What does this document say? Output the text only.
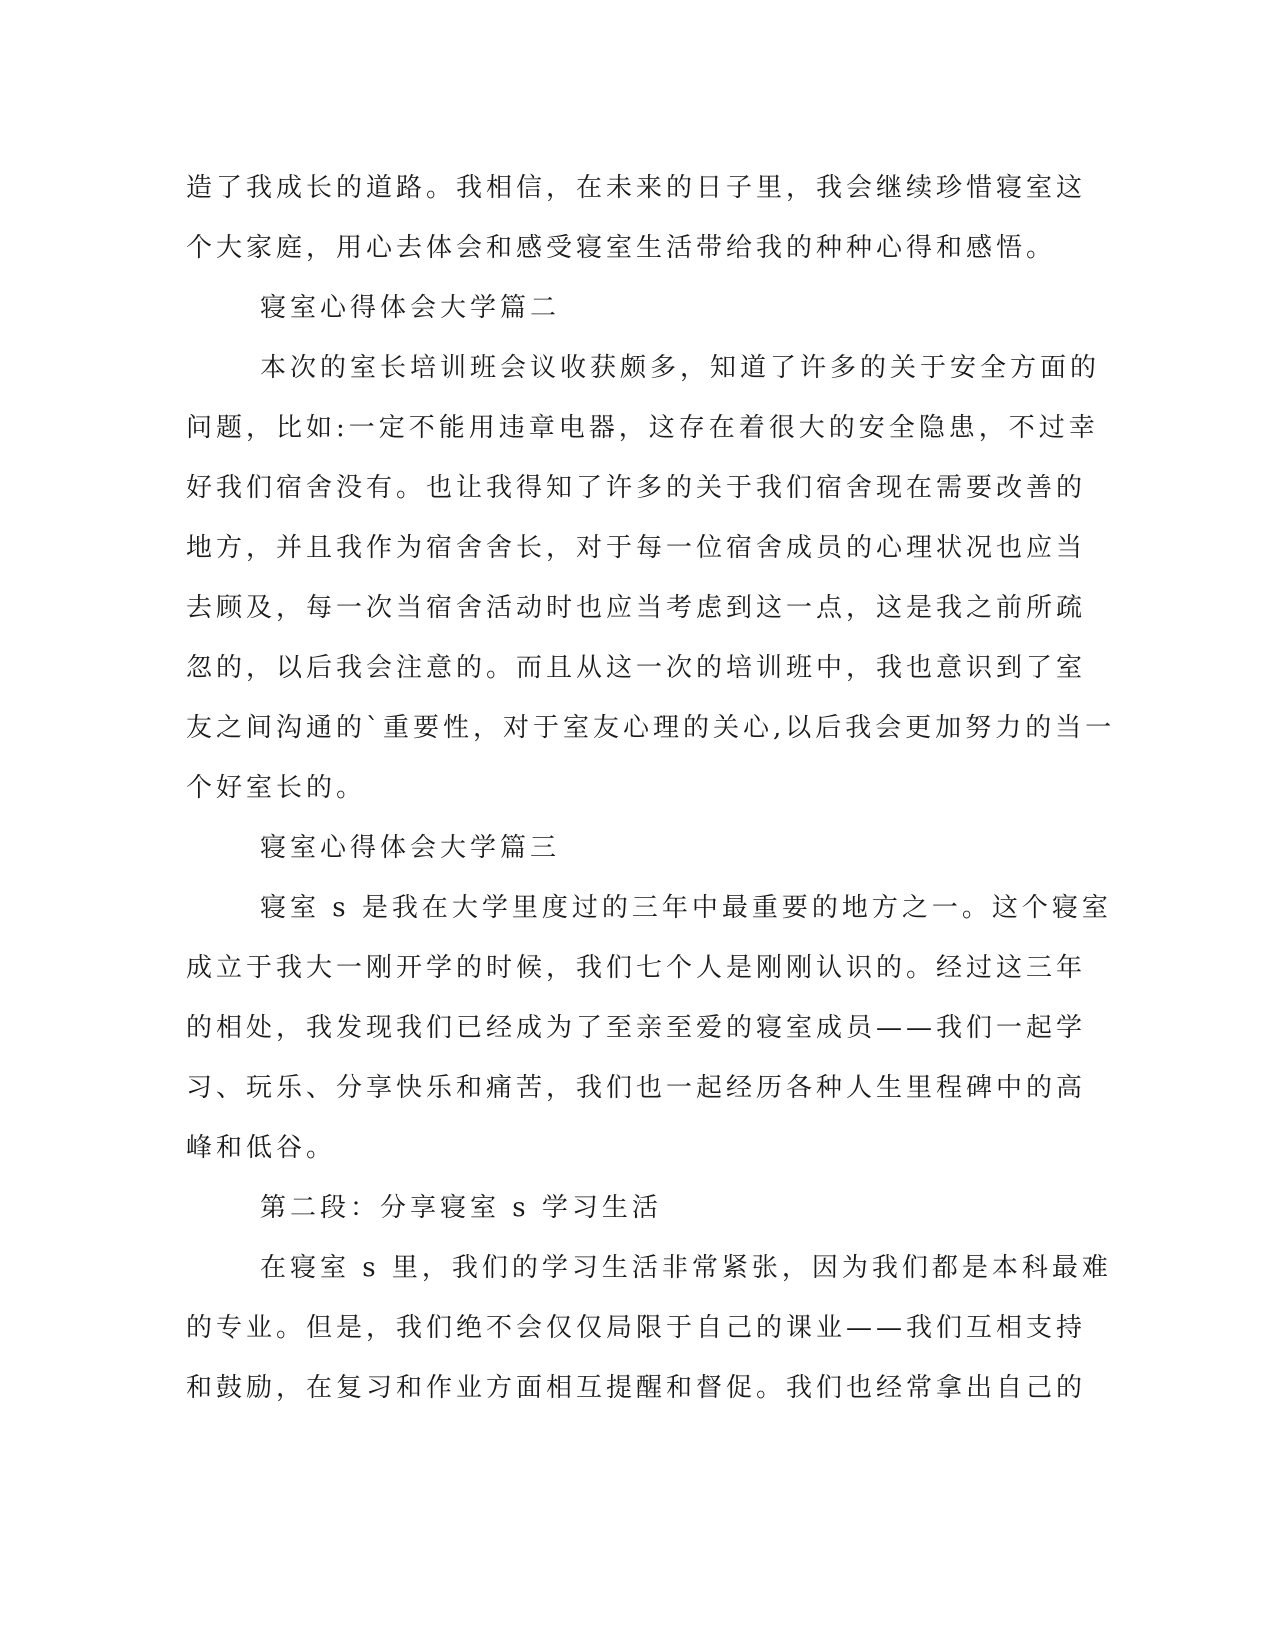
造了我成长的道路。我相信，在未来的日子里，我会继续珍惜寝室这
个大家庭，用心去体会和感受寝室生活带给我的种种心得和感悟。
寝室心得体会大学篇二
本次的室长培训班会议收获颇多，知道了许多的关于安全方面的
问题，比如:一定不能用违章电器，这存在着很大的安全隐患，不过幸
好我们宿舍没有。也让我得知了许多的关于我们宿舍现在需要改善的
地方，并且我作为宿舍舍长，对于每一位宿舍成员的心理状况也应当
去顾及，每一次当宿舍活动时也应当考虑到这一点，这是我之前所疏
忽的，以后我会注意的。而且从这一次的培训班中，我也意识到了室
友之间沟通的`重要性，对于室友心理的关心,以后我会更加努力的当一
个好室长的。
寝室心得体会大学篇三
寝室 s 是我在大学里度过的三年中最重要的地方之一。这个寝室
成立于我大一刚开学的时候，我们七个人是刚刚认识的。经过这三年
的相处，我发现我们已经成为了至亲至爱的寝室成员——我们一起学
习、玩乐、分享快乐和痛苦，我们也一起经历各种人生里程碑中的高
峰和低谷。
第二段：分享寝室 s 学习生活
在寝室 s 里，我们的学习生活非常紧张，因为我们都是本科最难
的专业。但是，我们绝不会仅仅局限于自己的课业——我们互相支持
和鼓励，在复习和作业方面相互提醒和督促。我们也经常拿出自己的
